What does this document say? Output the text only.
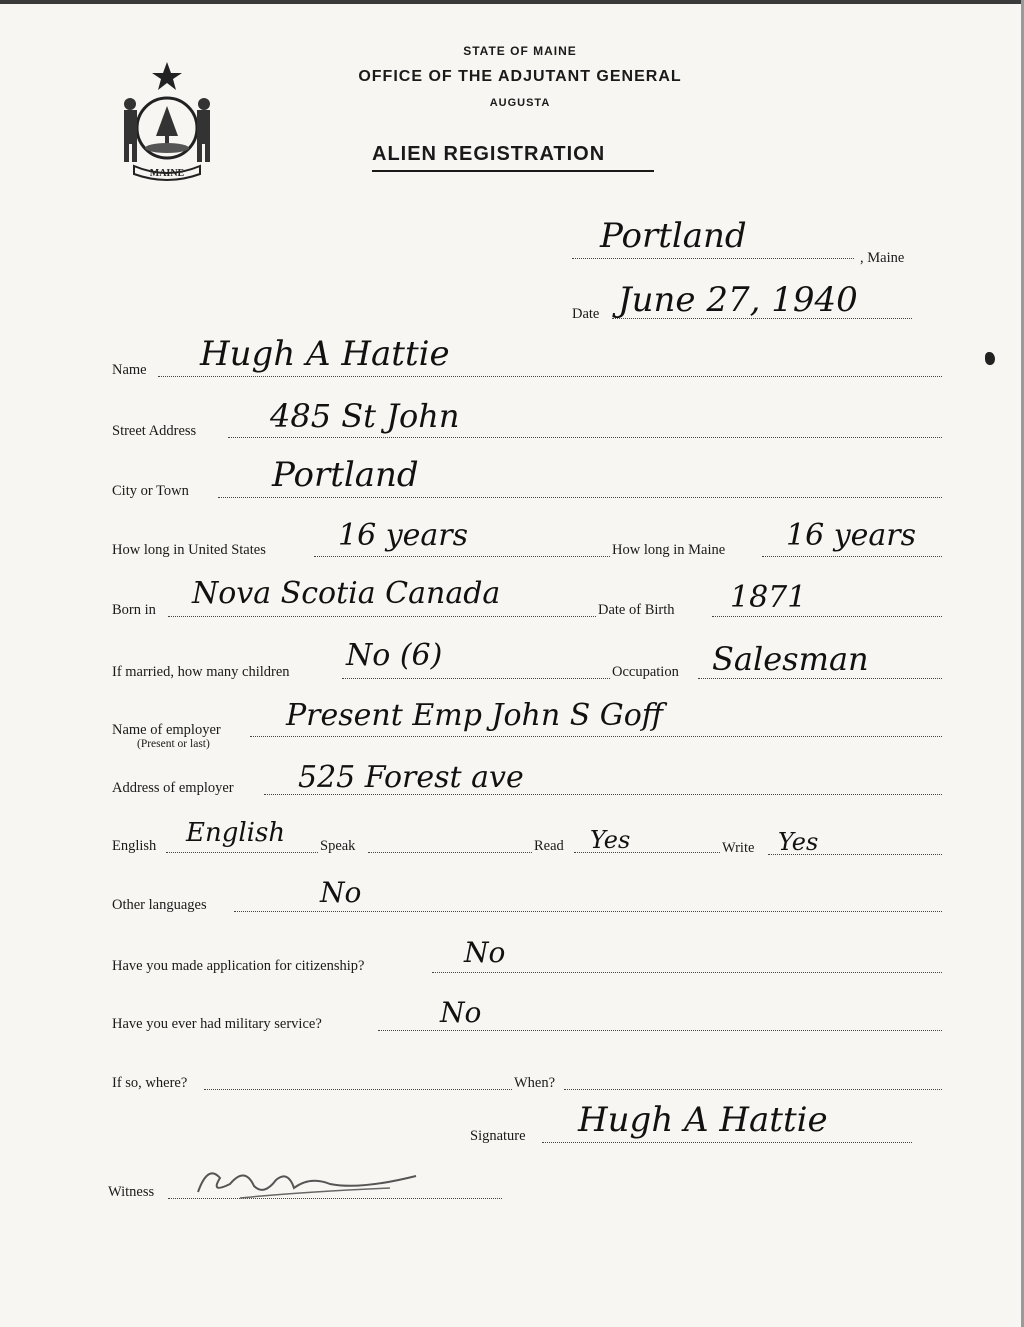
MAINE
STATE OF MAINE
OFFICE OF THE ADJUTANT GENERAL
AUGUSTA
ALIEN REGISTRATION
Portland
, Maine
Date June 27, 1940
Name Hugh A Hattie
Street Address 485 St John
City or Town Portland
How long in United States 16 years	How long in Maine 16 years
Born in Nova Scotia Canada	Date of Birth 1871
If married, how many children No (6)	Occupation Salesman
Name of employer
(Present or last)
Present Emp John S Goff
Address of employer 525 Forest ave
English English Speak	Read Yes	Write Yes
Other languages	No
Have you made application for citizenship?	No
Have you ever had military service?	No
If so, where?	When?
Signature Hugh A Hattie
Witness
